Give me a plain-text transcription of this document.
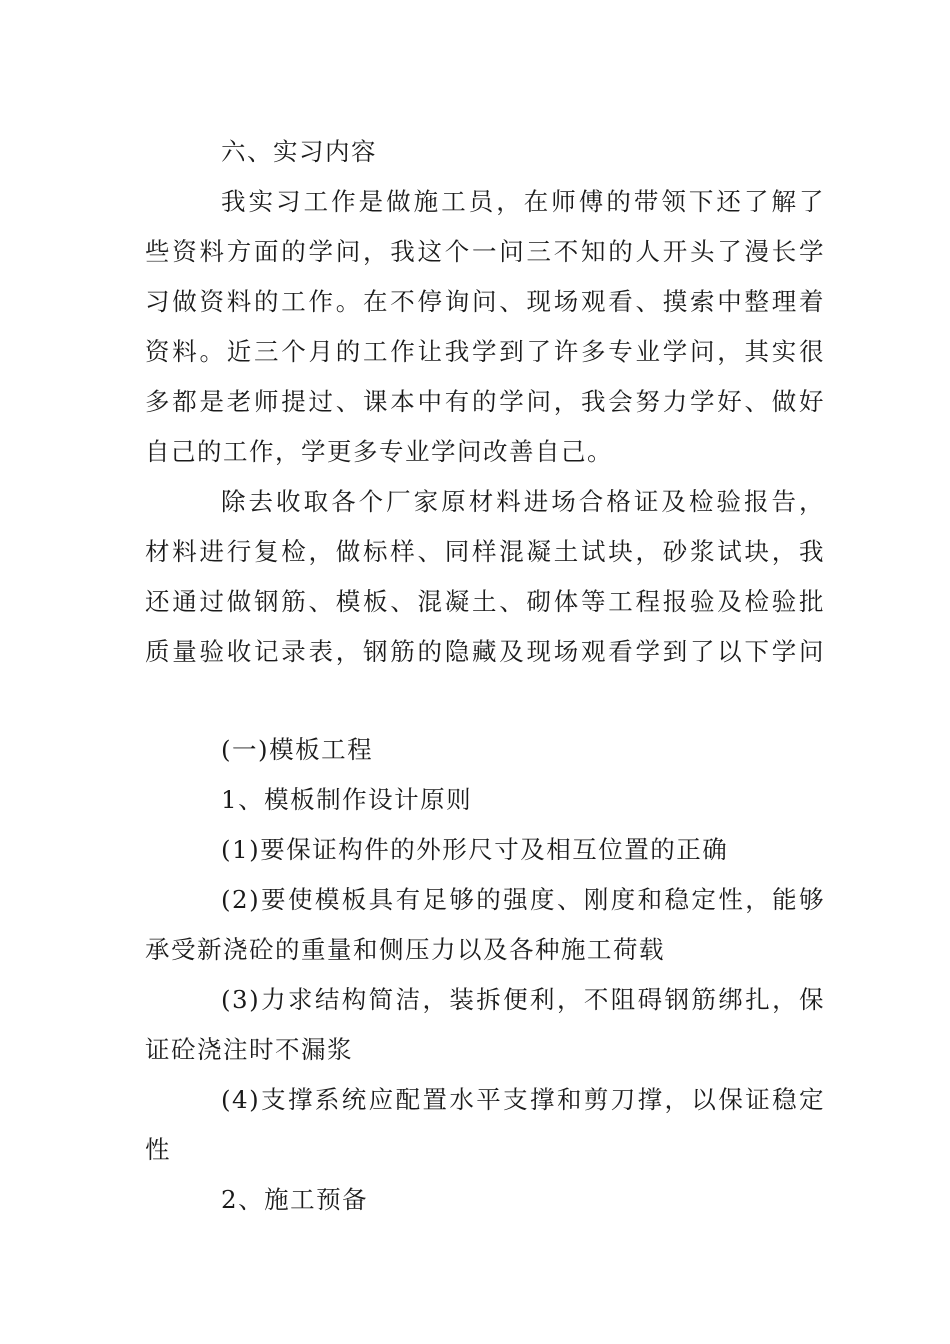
六、实习内容
我实习工作是做施工员，在师傅的带领下还了解了
些资料方面的学问，我这个一问三不知的人开头了漫长学
习做资料的工作。在不停询问、现场观看、摸索中整理着
资料。近三个月的工作让我学到了许多专业学问，其实很
多都是老师提过、课本中有的学问，我会努力学好、做好
自己的工作，学更多专业学问改善自己。
除去收取各个厂家原材料进场合格证及检验报告，
材料进行复检，做标样、同样混凝土试块，砂浆试块，我
还通过做钢筋、模板、混凝土、砌体等工程报验及检验批
质量验收记录表，钢筋的隐藏及现场观看学到了以下学问
(一)模板工程
1、模板制作设计原则
(1)要保证构件的外形尺寸及相互位置的正确
(2)要使模板具有足够的强度、刚度和稳定性，能够
承受新浇砼的重量和侧压力以及各种施工荷载
(3)力求结构简洁，装拆便利，不阻碍钢筋绑扎，保
证砼浇注时不漏浆
(4)支撑系统应配置水平支撑和剪刀撑，以保证稳定
性
2、施工预备
